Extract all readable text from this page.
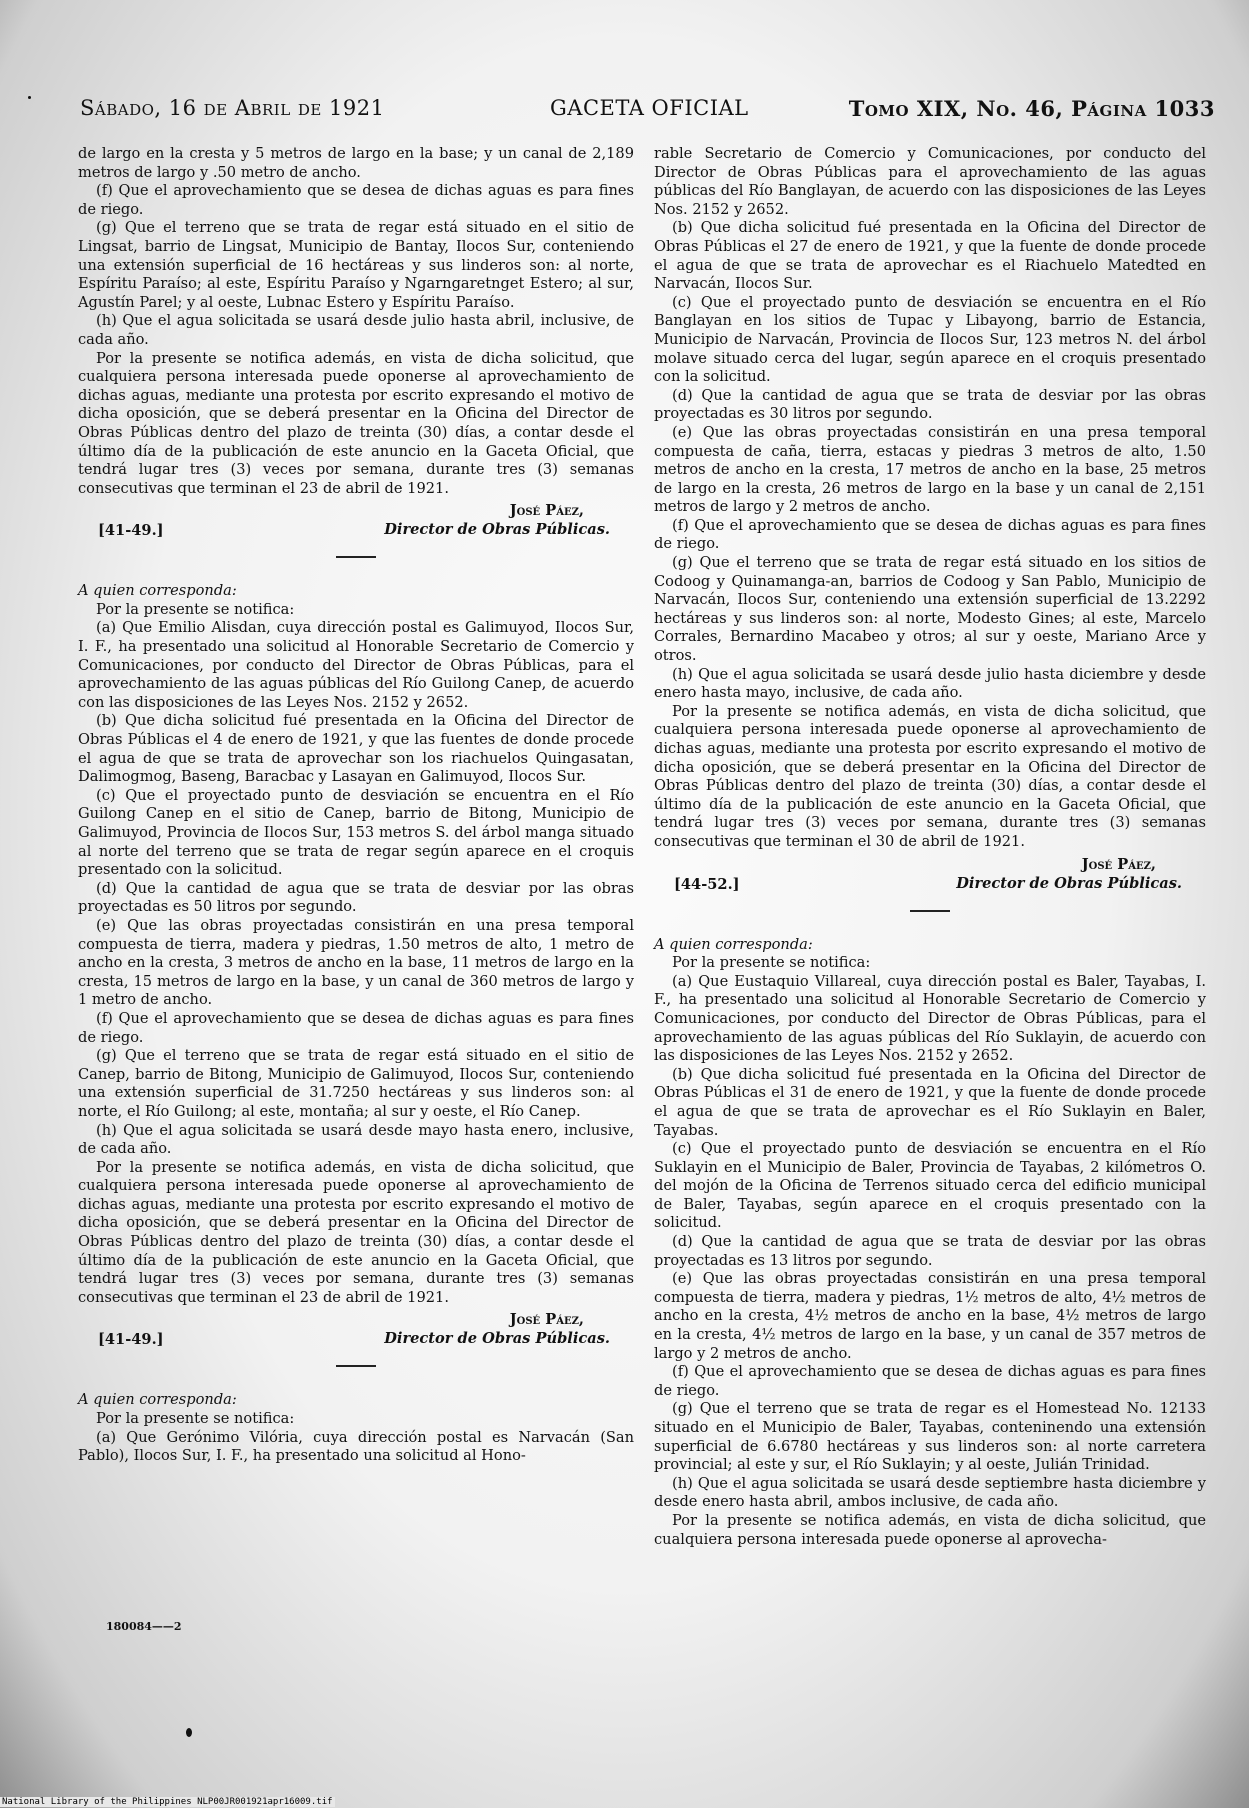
Sábado, 16 de Abril de 1921	GACETA OFICIAL	Tomo XIX, No. 46, Página 1033

de largo en la cresta y 5 metros de largo en la base; y un canal de 2,189 metros de largo y .50 metro de ancho.

(f) Que el aprovechamiento que se desea de dichas aguas es para fines de riego.

(g) Que el terreno que se trata de regar está situado en el sitio de Lingsat, barrio de Lingsat, Municipio de Bantay, Ilocos Sur, conteniendo una extensión superficial de 16 hectáreas y sus linderos son: al norte, Espíritu Paraíso; al este, Espíritu Paraíso y Ngarngaretnget Estero; al sur, Agustín Parel; y al oeste, Lubnac Estero y Espíritu Paraíso.

(h) Que el agua solicitada se usará desde julio hasta abril, inclusive, de cada año.

Por la presente se notifica además, en vista de dicha solicitud, que cualquiera persona interesada puede oponerse al aprovechamiento de dichas aguas, mediante una protesta por escrito expresando el motivo de dicha oposición, que se deberá presentar en la Oficina del Director de Obras Públicas dentro del plazo de treinta (30) días, a contar desde el último día de la publicación de este anuncio en la Gaceta Oficial, que tendrá lugar tres (3) veces por semana, durante tres (3) semanas consecutivas que terminan el 23 de abril de 1921.

José Páez,
Director de Obras Públicas.
[41-49.]

A quien corresponda:

Por la presente se notifica:

(a) Que Emilio Alisdan, cuya dirección postal es Galimuyod, Ilocos Sur, I. F., ha presentado una solicitud al Honorable Secretario de Comercio y Comunicaciones, por conducto del Director de Obras Públicas, para el aprovechamiento de las aguas públicas del Río Guilong Canep, de acuerdo con las disposiciones de las Leyes Nos. 2152 y 2652.

(b) Que dicha solicitud fué presentada en la Oficina del Director de Obras Públicas el 4 de enero de 1921, y que las fuentes de donde procede el agua de que se trata de aprovechar son los riachuelos Quingasatan, Dalimogmog, Baseng, Baracbac y Lasayan en Galimuyod, Ilocos Sur.

(c) Que el proyectado punto de desviación se encuentra en el Río Guilong Canep en el sitio de Canep, barrio de Bitong, Municipio de Galimuyod, Provincia de Ilocos Sur, 153 metros S. del árbol manga situado al norte del terreno que se trata de regar según aparece en el croquis presentado con la solicitud.

(d) Que la cantidad de agua que se trata de desviar por las obras proyectadas es 50 litros por segundo.

(e) Que las obras proyectadas consistirán en una presa temporal compuesta de tierra, madera y piedras, 1.50 metros de alto, 1 metro de ancho en la cresta, 3 metros de ancho en la base, 11 metros de largo en la cresta, 15 metros de largo en la base, y un canal de 360 metros de largo y 1 metro de ancho.

(f) Que el aprovechamiento que se desea de dichas aguas es para fines de riego.

(g) Que el terreno que se trata de regar está situado en el sitio de Canep, barrio de Bitong, Municipio de Galimuyod, Ilocos Sur, conteniendo una extensión superficial de 31.7250 hectáreas y sus linderos son: al norte, el Río Guilong; al este, montaña; al sur y oeste, el Río Canep.

(h) Que el agua solicitada se usará desde mayo hasta enero, inclusive, de cada año.

Por la presente se notifica además, en vista de dicha solicitud, que cualquiera persona interesada puede oponerse al aprovechamiento de dichas aguas, mediante una protesta por escrito expresando el motivo de dicha oposición, que se deberá presentar en la Oficina del Director de Obras Públicas dentro del plazo de treinta (30) días, a contar desde el último día de la publicación de este anuncio en la Gaceta Oficial, que tendrá lugar tres (3) veces por semana, durante tres (3) semanas consecutivas que terminan el 23 de abril de 1921.

José Páez,
Director de Obras Públicas.
[41-49.]

A quien corresponda:

Por la presente se notifica:

(a) Que Gerónimo Vilória, cuya dirección postal es Narvacán (San Pablo), Ilocos Sur, I. F., ha presentado una solicitud al Hono-

180084——2

rable Secretario de Comercio y Comunicaciones, por conducto del Director de Obras Públicas para el aprovechamiento de las aguas públicas del Río Banglayan, de acuerdo con las disposiciones de las Leyes Nos. 2152 y 2652.

(b) Que dicha solicitud fué presentada en la Oficina del Director de Obras Públicas el 27 de enero de 1921, y que la fuente de donde procede el agua de que se trata de aprovechar es el Riachuelo Matedted en Narvacán, Ilocos Sur.

(c) Que el proyectado punto de desviación se encuentra en el Río Banglayan en los sitios de Tupac y Libayong, barrio de Estancia, Municipio de Narvacán, Provincia de Ilocos Sur, 123 metros N. del árbol molave situado cerca del lugar, según aparece en el croquis presentado con la solicitud.

(d) Que la cantidad de agua que se trata de desviar por las obras proyectadas es 30 litros por segundo.

(e) Que las obras proyectadas consistirán en una presa temporal compuesta de caña, tierra, estacas y piedras 3 metros de alto, 1.50 metros de ancho en la cresta, 17 metros de ancho en la base, 25 metros de largo en la cresta, 26 metros de largo en la base y un canal de 2,151 metros de largo y 2 metros de ancho.

(f) Que el aprovechamiento que se desea de dichas aguas es para fines de riego.

(g) Que el terreno que se trata de regar está situado en los sitios de Codoog y Quinamanga-an, barrios de Codoog y San Pablo, Municipio de Narvacán, Ilocos Sur, conteniendo una extensión superficial de 13.2292 hectáreas y sus linderos son: al norte, Modesto Gines; al este, Marcelo Corrales, Bernardino Macabeo y otros; al sur y oeste, Mariano Arce y otros.

(h) Que el agua solicitada se usará desde julio hasta diciembre y desde enero hasta mayo, inclusive, de cada año.

Por la presente se notifica además, en vista de dicha solicitud, que cualquiera persona interesada puede oponerse al aprovechamiento de dichas aguas, mediante una protesta por escrito expresando el motivo de dicha oposición, que se deberá presentar en la Oficina del Director de Obras Públicas dentro del plazo de treinta (30) días, a contar desde el último día de la publicación de este anuncio en la Gaceta Oficial, que tendrá lugar tres (3) veces por semana, durante tres (3) semanas consecutivas que terminan el 30 de abril de 1921.

José Páez,
Director de Obras Públicas.
[44-52.]

A quien corresponda:

Por la presente se notifica:

(a) Que Eustaquio Villareal, cuya dirección postal es Baler, Tayabas, I. F., ha presentado una solicitud al Honorable Secretario de Comercio y Comunicaciones, por conducto del Director de Obras Públicas, para el aprovechamiento de las aguas públicas del Río Suklayin, de acuerdo con las disposiciones de las Leyes Nos. 2152 y 2652.

(b) Que dicha solicitud fué presentada en la Oficina del Director de Obras Públicas el 31 de enero de 1921, y que la fuente de donde procede el agua de que se trata de aprovechar es el Río Suklayin en Baler, Tayabas.

(c) Que el proyectado punto de desviación se encuentra en el Río Suklayin en el Municipio de Baler, Provincia de Tayabas, 2 kilómetros O. del mojón de la Oficina de Terrenos situado cerca del edificio municipal de Baler, Tayabas, según aparece en el croquis presentado con la solicitud.

(d) Que la cantidad de agua que se trata de desviar por las obras proyectadas es 13 litros por segundo.

(e) Que las obras proyectadas consistirán en una presa temporal compuesta de tierra, madera y piedras, 1½ metros de alto, 4½ metros de ancho en la cresta, 4½ metros de ancho en la base, 4½ metros de largo en la cresta, 4½ metros de largo en la base, y un canal de 357 metros de largo y 2 metros de ancho.

(f) Que el aprovechamiento que se desea de dichas aguas es para fines de riego.

(g) Que el terreno que se trata de regar es el Homestead No. 12133 situado en el Municipio de Baler, Tayabas, conteninendo una extensión superficial de 6.6780 hectáreas y sus linderos son: al norte carretera provincial; al este y sur, el Río Suklayin; y al oeste, Julián Trinidad.

(h) Que el agua solicitada se usará desde septiembre hasta diciembre y desde enero hasta abril, ambos inclusive, de cada año.

Por la presente se notifica además, en vista de dicha solicitud, que cualquiera persona interesada puede oponerse al aprovecha-

National Library of the Philippines NLP00JR001921apr16009.tif
